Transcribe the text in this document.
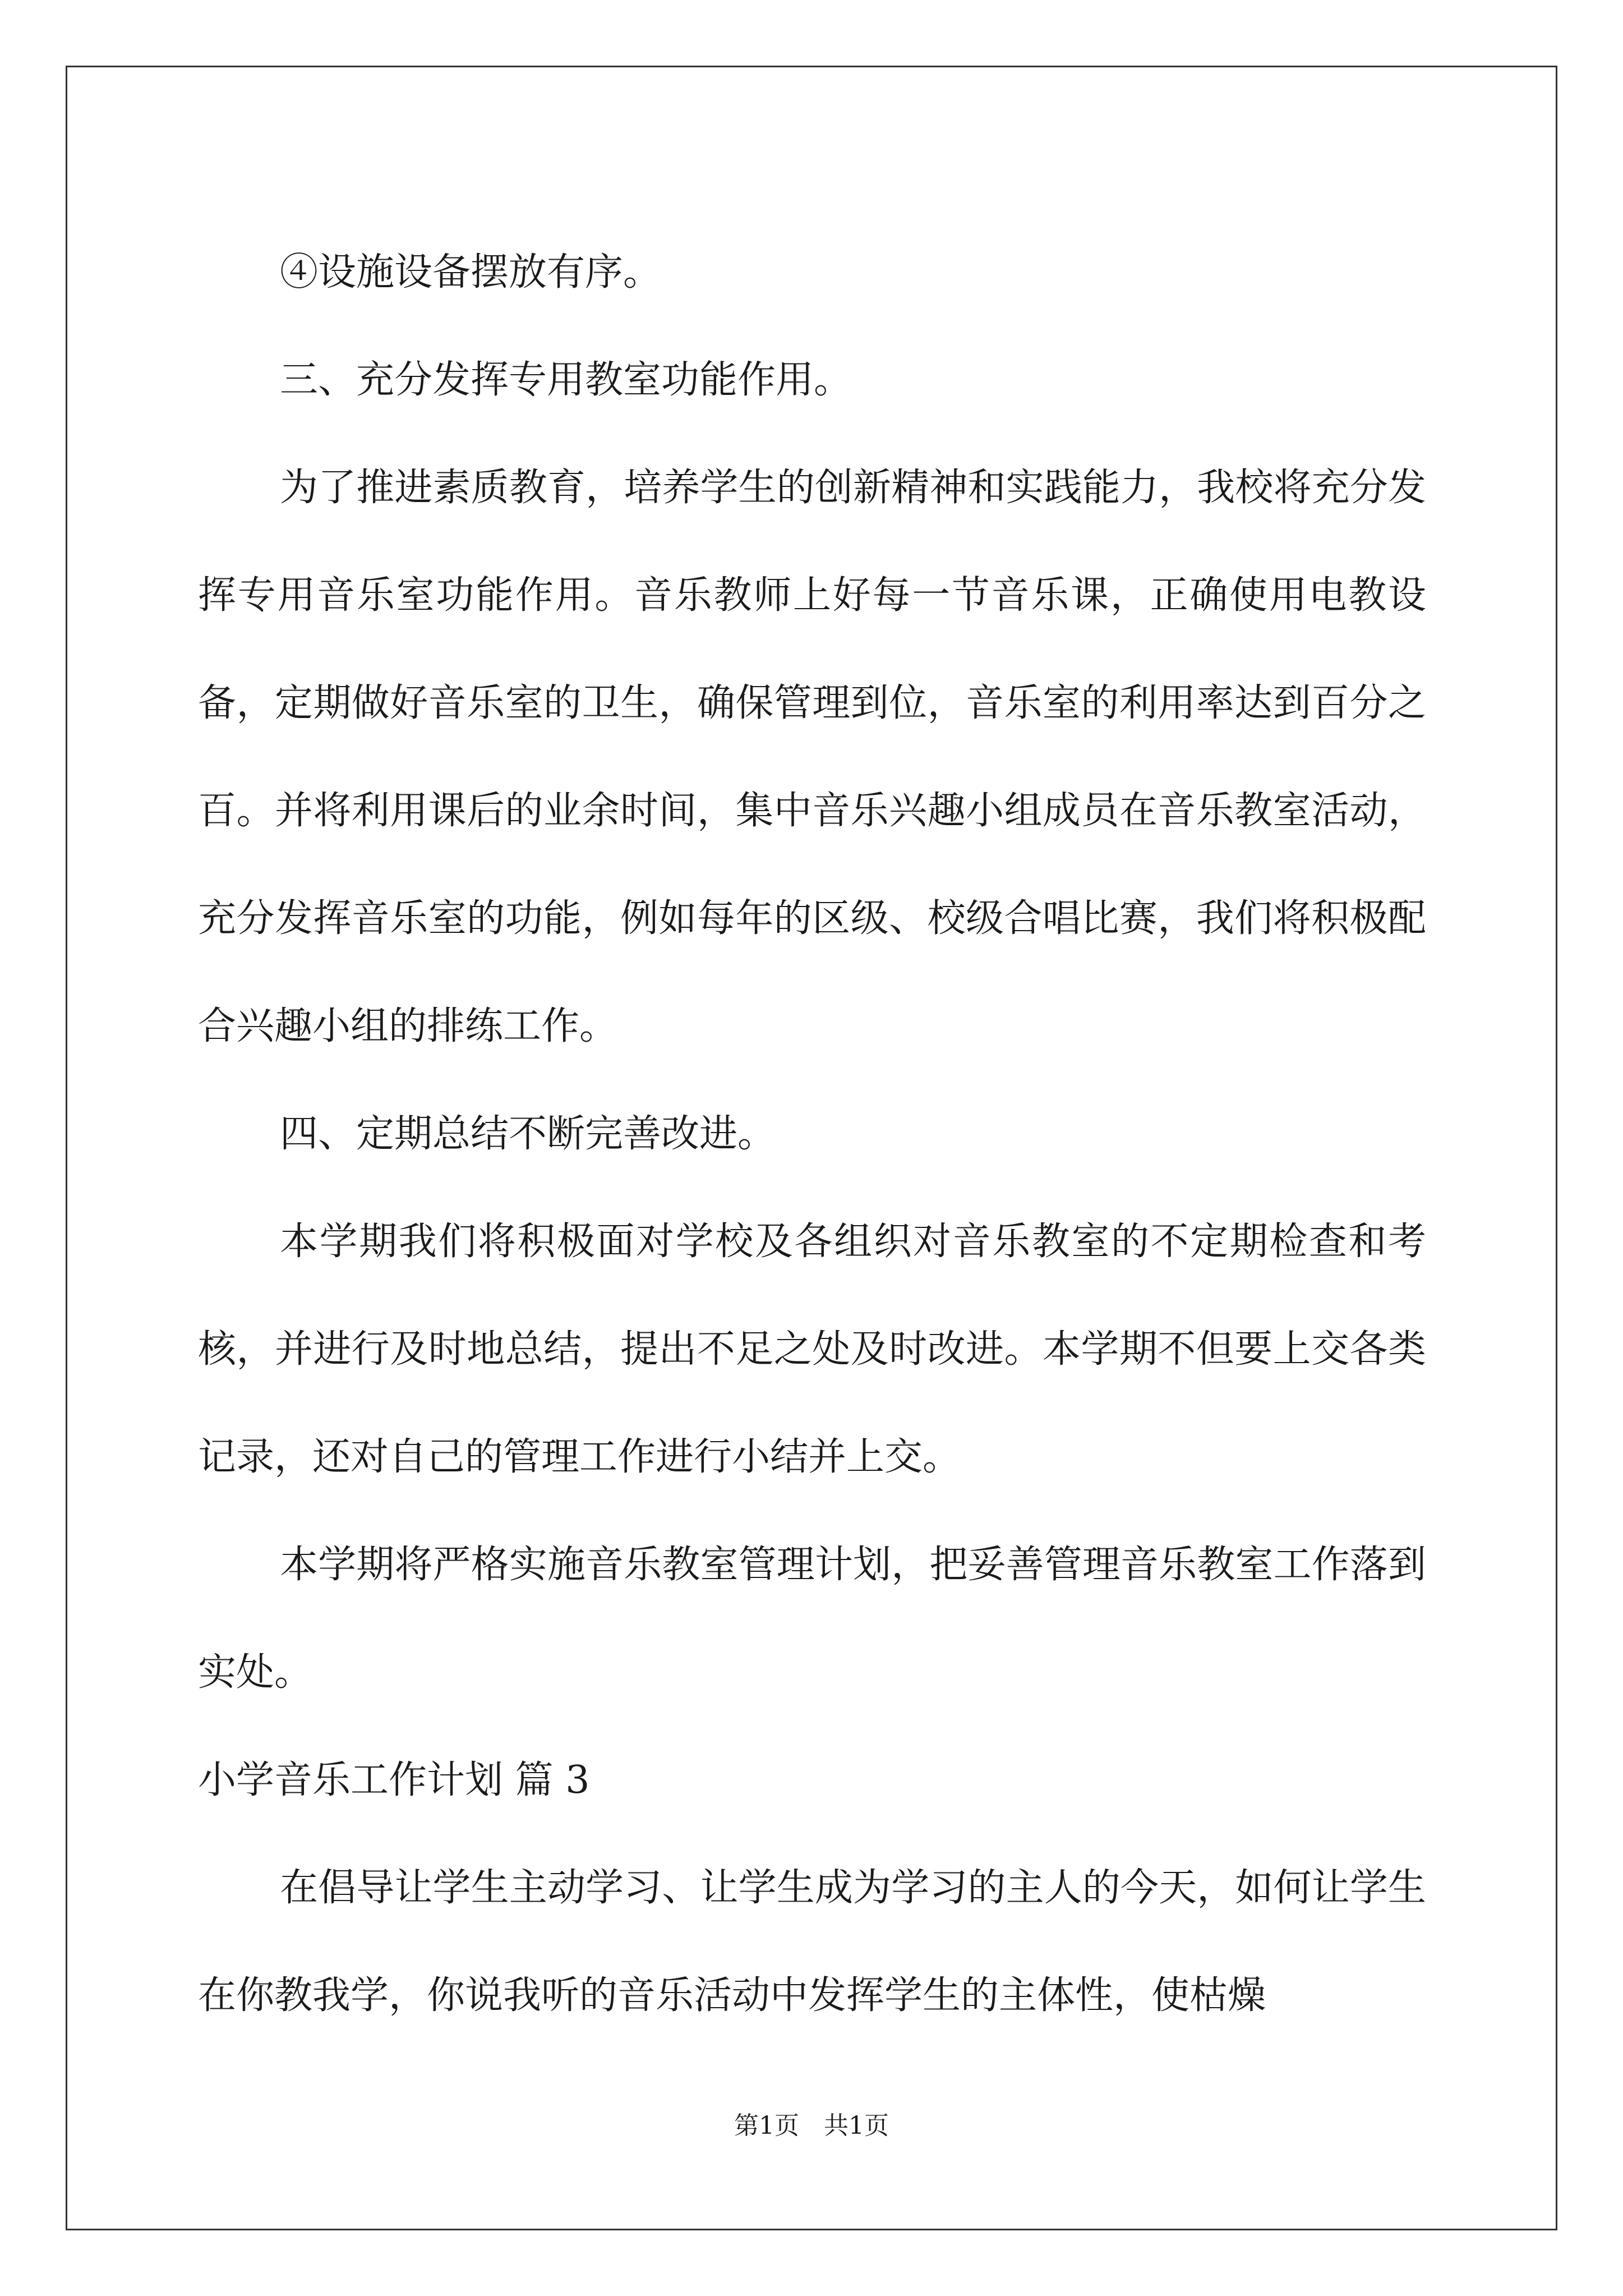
④设施设备摆放有序。

三、充分发挥专用教室功能作用。

为了推进素质教育，培养学生的创新精神和实践能力，我校将充分发挥专用音乐室功能作用。音乐教师上好每一节音乐课，正确使用电教设备，定期做好音乐室的卫生，确保管理到位，音乐室的利用率达到百分之百。并将利用课后的业余时间，集中音乐兴趣小组成员在音乐教室活动，充分发挥音乐室的功能，例如每年的区级、校级合唱比赛，我们将积极配合兴趣小组的排练工作。

四、定期总结不断完善改进。

本学期我们将积极面对学校及各组织对音乐教室的不定期检查和考核，并进行及时地总结，提出不足之处及时改进。本学期不但要上交各类记录，还对自己的管理工作进行小结并上交。

本学期将严格实施音乐教室管理计划，把妥善管理音乐教室工作落到实处。

小学音乐工作计划 篇 3

在倡导让学生主动学习、让学生成为学习的主人的今天，如何让学生在你教我学，你说我听的音乐活动中发挥学生的主体性，使枯燥

第1页　共1页
